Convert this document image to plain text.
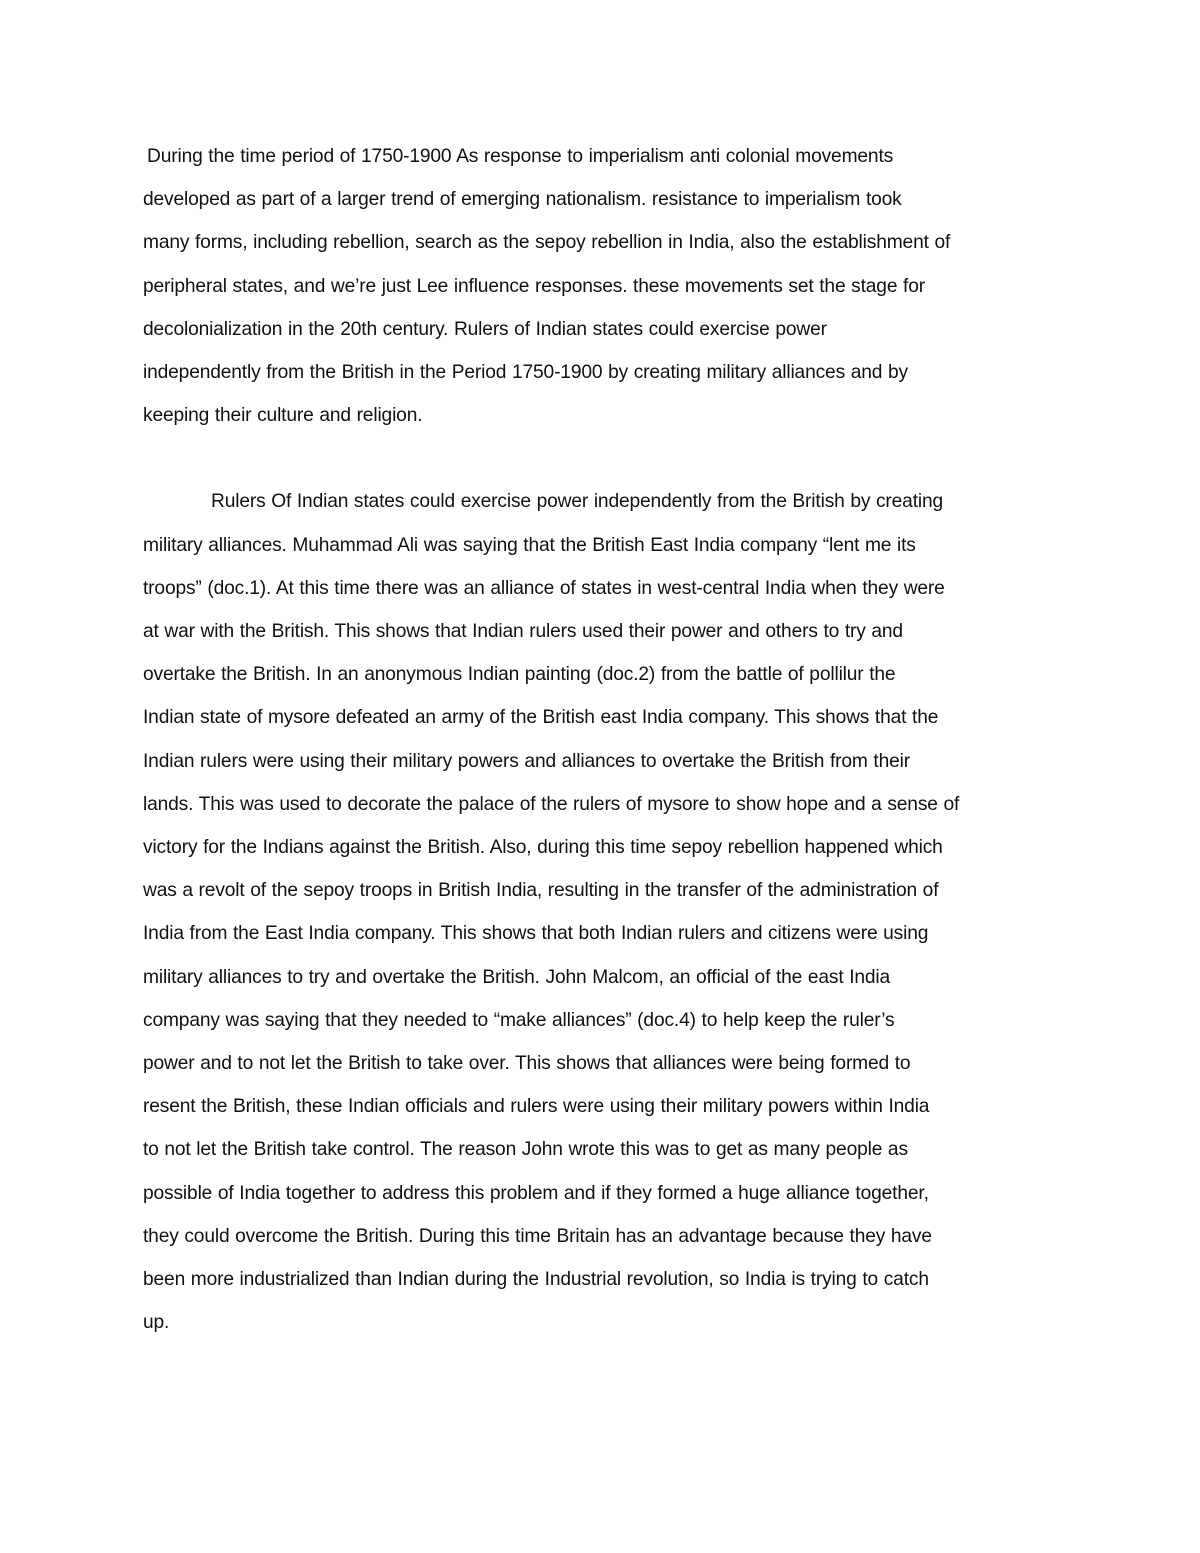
During the time period of 1750-1900 As response to imperialism anti colonial movements
developed as part of a larger trend of emerging nationalism. resistance to imperialism took
many forms, including rebellion, search as the sepoy rebellion in India, also the establishment of
peripheral states, and we’re just Lee influence responses. these movements set the stage for
decolonialization in the 20th century. Rulers of Indian states could exercise power
independently from the British in the Period 1750-1900 by creating military alliances and by
keeping their culture and religion.

Rulers Of Indian states could exercise power independently from the British by creating
military alliances. Muhammad Ali was saying that the British East India company “lent me its
troops” (doc.1). At this time there was an alliance of states in west-central India when they were
at war with the British. This shows that Indian rulers used their power and others to try and
overtake the British. In an anonymous Indian painting (doc.2) from the battle of pollilur the
Indian state of mysore defeated an army of the British east India company. This shows that the
Indian rulers were using their military powers and alliances to overtake the British from their
lands. This was used to decorate the palace of the rulers of mysore to show hope and a sense of
victory for the Indians against the British. Also, during this time sepoy rebellion happened which
was a revolt of the sepoy troops in British India, resulting in the transfer of the administration of
India from the East India company. This shows that both Indian rulers and citizens were using
military alliances to try and overtake the British. John Malcom, an official of the east India
company was saying that they needed to “make alliances” (doc.4) to help keep the ruler’s
power and to not let the British to take over. This shows that alliances were being formed to
resent the British, these Indian officials and rulers were using their military powers within India
to not let the British take control. The reason John wrote this was to get as many people as
possible of India together to address this problem and if they formed a huge alliance together,
they could overcome the British. During this time Britain has an advantage because they have
been more industrialized than Indian during the Industrial revolution, so India is trying to catch
up.
